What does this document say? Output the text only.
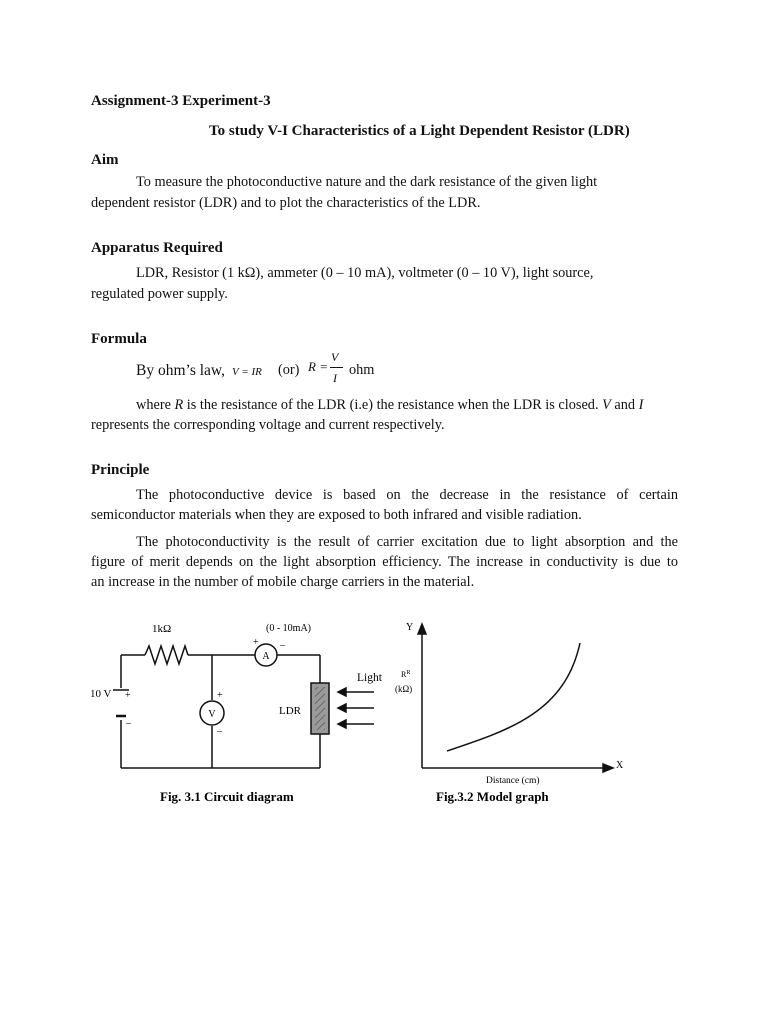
Assignment-3 Experiment-3
To study V-I Characteristics of a Light Dependent Resistor (LDR)
Aim
To measure the photoconductive nature and the dark resistance of the given light
dependent resistor (LDR) and to plot the characteristics of the LDR.
Apparatus Required
LDR, Resistor (1 kΩ), ammeter (0 – 10 mA), voltmeter (0 – 10 V), light source,
regulated power supply.
Formula
By ohm’s law, V = IR (or) R =
V
I ohm
where R is the resistance of the LDR (i.e) the resistance when the LDR is closed. V and I
represents the corresponding voltage and current respectively.
Principle
The photoconductive device is based on the decrease in the resistance of certain
semiconductor materials when they are exposed to both infrared and visible radiation.
The photoconductivity is the result of carrier excitation due to light absorption and the
figure of merit depends on the light absorption efficiency. The increase in conductivity is due to
an increase in the number of mobile charge carriers in the material.
1kΩ	(0 - 10mA)
A
V
+ –
+
–
10 V +
–
LDR
Light
Fig. 3.1 Circuit diagram
Y
X
$R^R$
(kΩ)
Distance (cm)
Fig.3.2 Model graph
